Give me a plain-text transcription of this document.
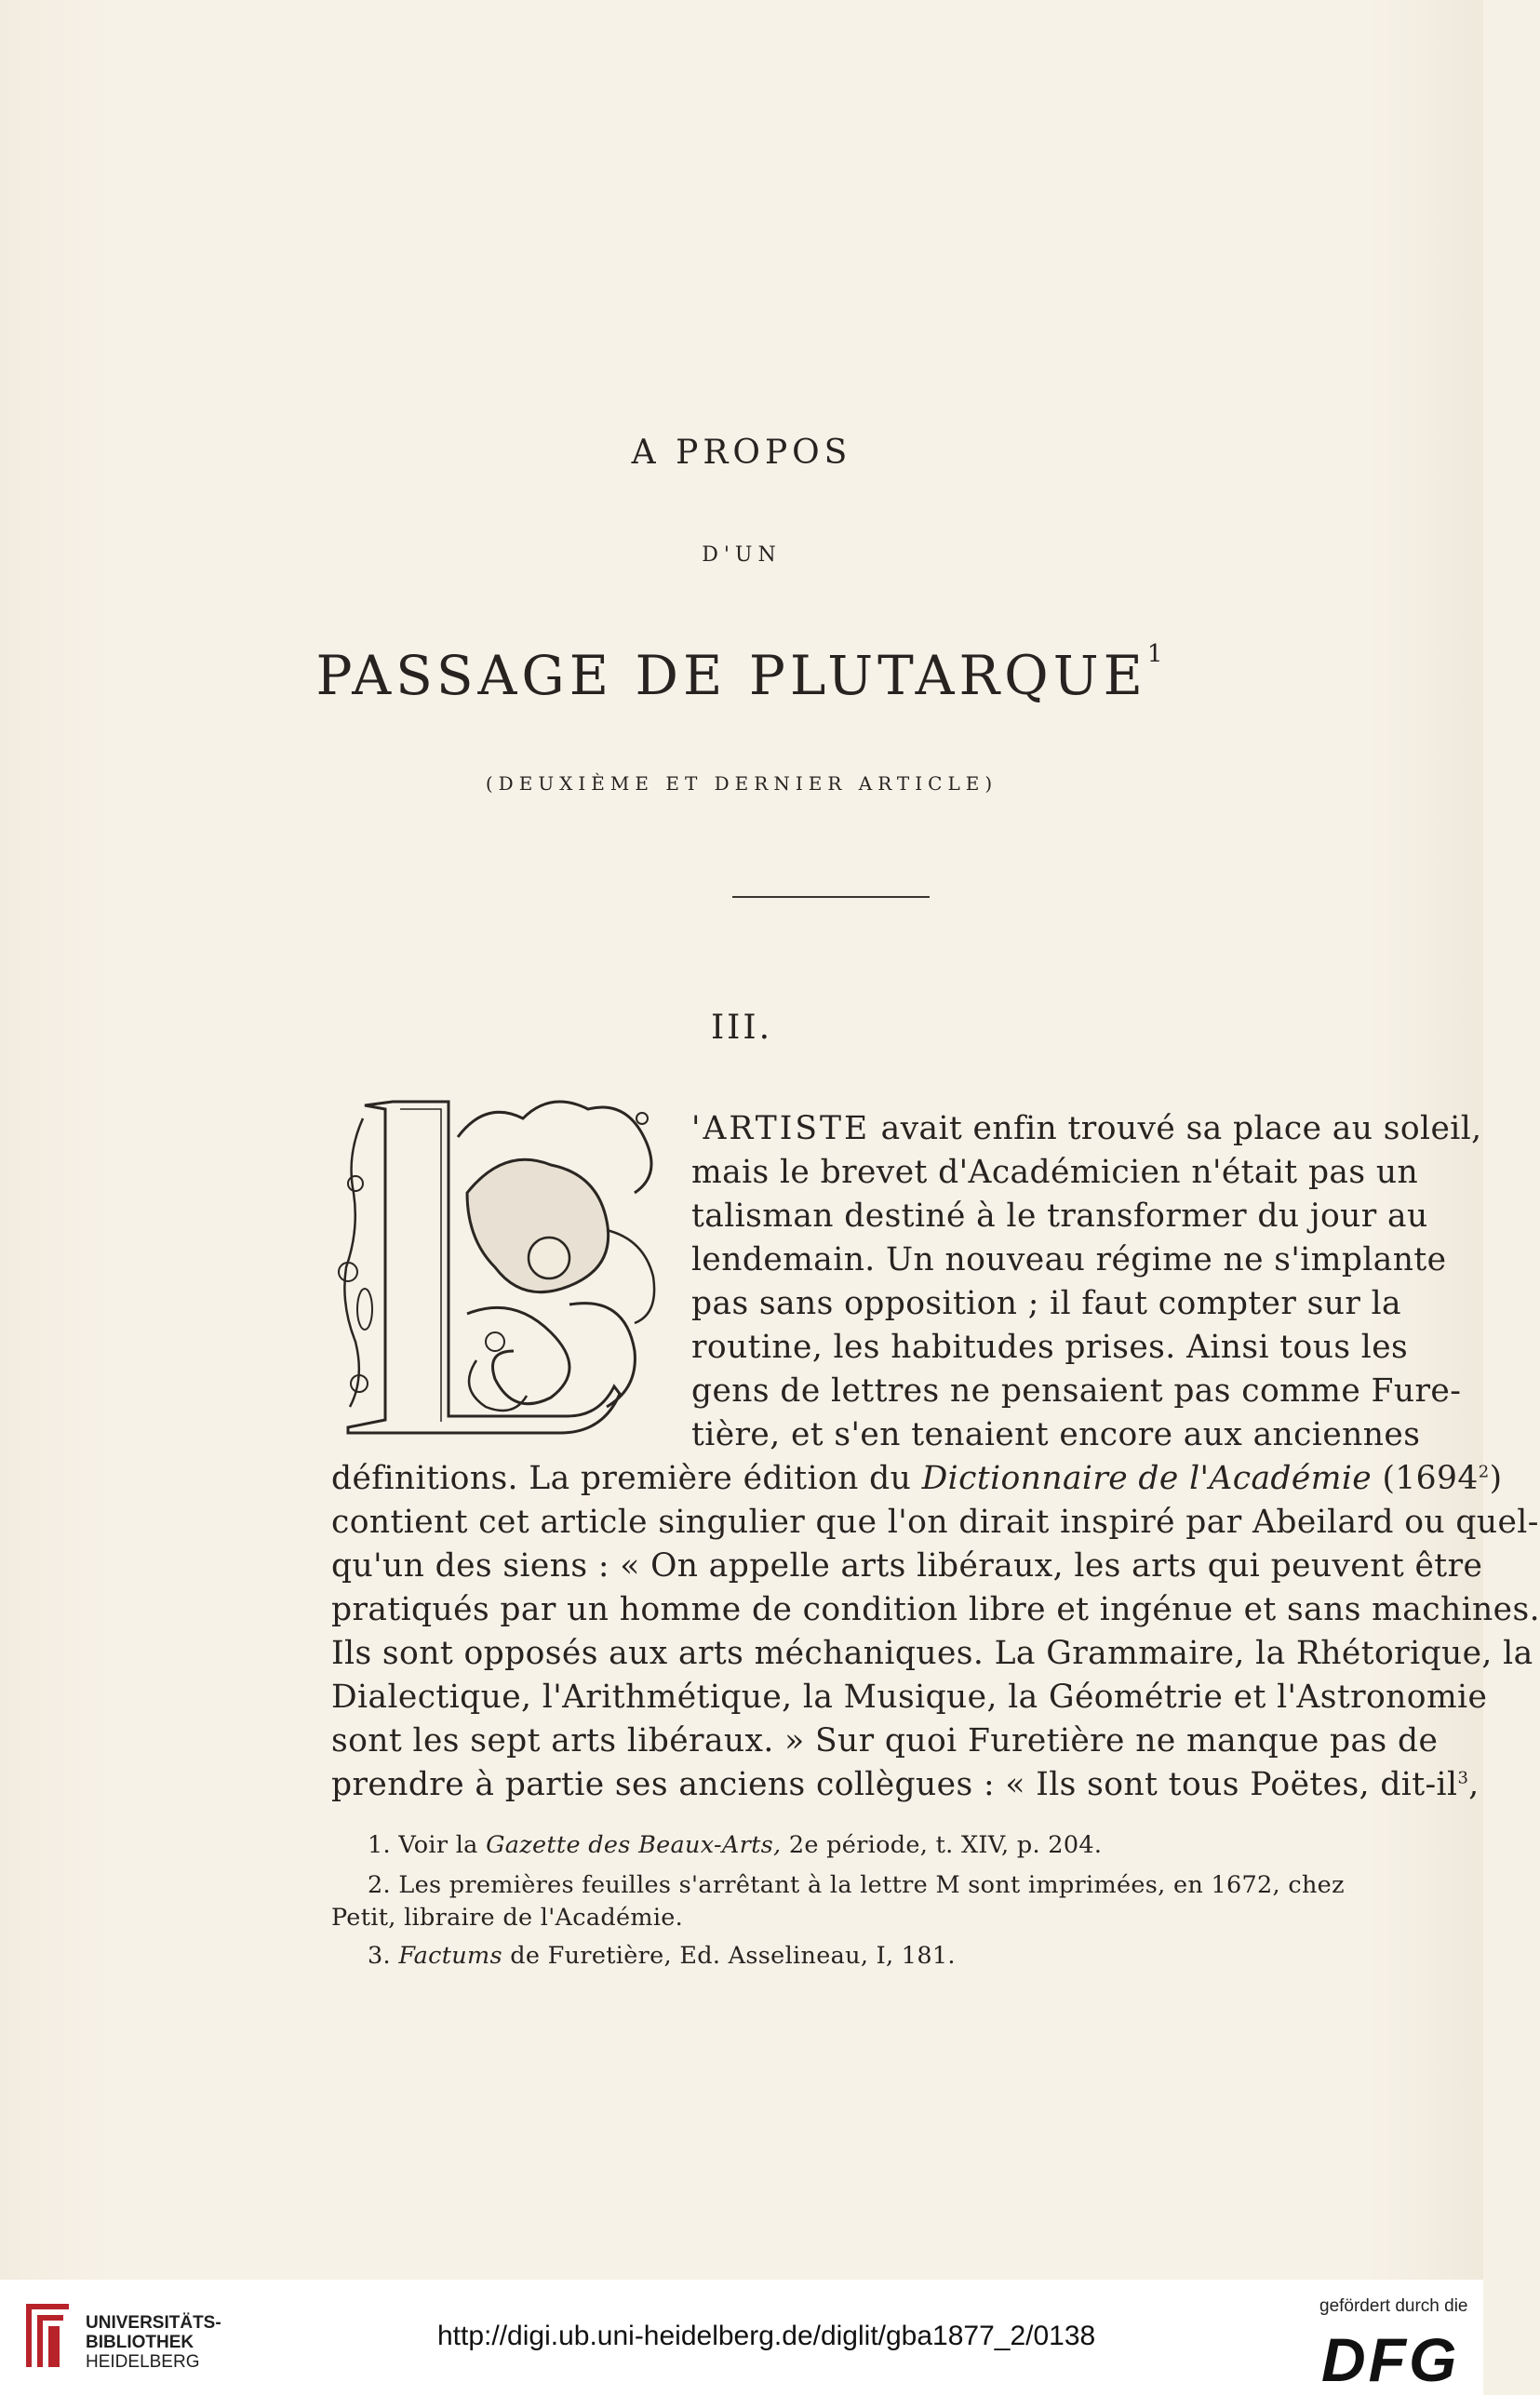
A PROPOS
D'UN
PASSAGE DE PLUTARQUE$^1$
(DEUXIÈME ET DERNIER ARTICLE)
III.
'ARTISTE avait enfin trouvé sa place au soleil,
mais le brevet d'Académicien n'était pas un
talisman destiné à le transformer du jour au
lendemain. Un nouveau régime ne s'implante
pas sans opposition ; il faut compter sur la
routine, les habitudes prises. Ainsi tous les
gens de lettres ne pensaient pas comme Fure-
tière, et s'en tenaient encore aux anciennes
définitions. La première édition du Dictionnaire de l'Académie (1694$^2$)
contient cet article singulier que l'on dirait inspiré par Abeilard ou quel-
qu'un des siens : « On appelle arts libéraux, les arts qui peuvent être
pratiqués par un homme de condition libre et ingénue et sans machines.
Ils sont opposés aux arts méchaniques. La Grammaire, la Rhétorique, la
Dialectique, l'Arithmétique, la Musique, la Géométrie et l'Astronomie
sont les sept arts libéraux. » Sur quoi Furetière ne manque pas de
prendre à partie ses anciens collègues : « Ils sont tous Poëtes, dit-$il^3$,
1. Voir la Gazette des Beaux-Arts, 2e période, t. XIV, p. 204.
2. Les premières feuilles s'arrêtant à la lettre M sont imprimées, en 1672, chez
Petit, libraire de l'Académie.
3. Factums de Furetière, Ed. Asselineau, I, 181.
UNIVERSITÄTS-
BIBLIOTHEK
HEIDELBERG
http://digi.ub.uni-heidelberg.de/diglit/gba1877_2/0138
gefördert durch die
DFG
